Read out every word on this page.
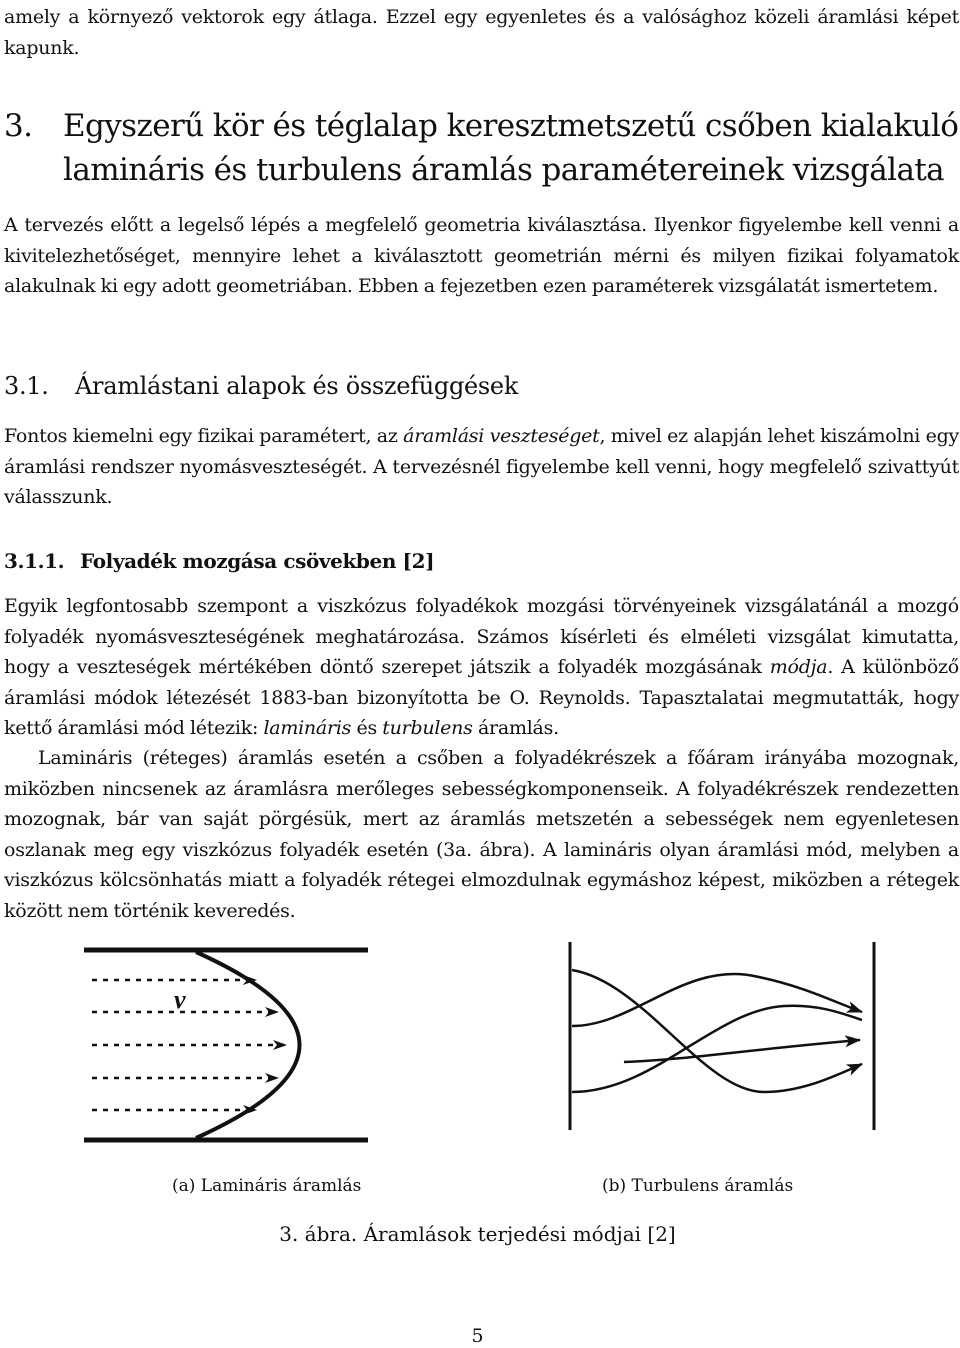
amely a környező vektorok egy átlaga. Ezzel egy egyenletes és a valósághoz közeli áramlási képet kapunk.

3. Egyszerű kör és téglalap keresztmetszetű csőben kialakuló
lamináris és turbulens áramlás paramétereinek vizsgálata

A tervezés előtt a legelső lépés a megfelelő geometria kiválasztása. Ilyenkor figyelembe kell venni a kivitelezhetőséget, mennyire lehet a kiválasztott geometrián mérni és milyen fizikai folyamatok alakulnak ki egy adott geometriában. Ebben a fejezetben ezen paraméterek vizsgálatát ismertetem.

3.1. Áramlástani alapok és összefüggések

Fontos kiemelni egy fizikai paramétert, az áramlási veszteséget, mivel ez alapján lehet kiszámolni egy áramlási rendszer nyomásveszteségét. A tervezésnél figyelembe kell venni, hogy megfelelő szivattyút válasszunk.

3.1.1. Folyadék mozgása csövekben [2]

Egyik legfontosabb szempont a viszkózus folyadékok mozgási törvényeinek vizsgálatánál a mozgó folyadék nyomásveszteségének meghatározása. Számos kísérleti és elméleti vizsgálat kimutatta, hogy a veszteségek mértékében döntő szerepet játszik a folyadék mozgásának módja. A különböző áramlási módok létezését 1883-ban bizonyította be O. Reynolds. Tapasztalatai megmutatták, hogy kettő áramlási mód létezik: lamináris és turbulens áramlás.

Lamináris (réteges) áramlás esetén a csőben a folyadékrészek a főáram irányába mozognak, miközben nincsenek az áramlásra merőleges sebességkomponenseik. A folyadékrészek rendezetten mozognak, bár van saját pörgésük, mert az áramlás metszetén a sebességek nem egyenletesen oszlanak meg egy viszkózus folyadék esetén (3a. ábra). A lamináris olyan áramlási mód, melyben a viszkózus kölcsönhatás miatt a folyadék rétegei elmozdulnak egymáshoz képest, miközben a rétegek között nem történik keveredés.

v
(a) Lamináris áramlás	(b) Turbulens áramlás
3. ábra. Áramlások terjedési módjai [2]
5
